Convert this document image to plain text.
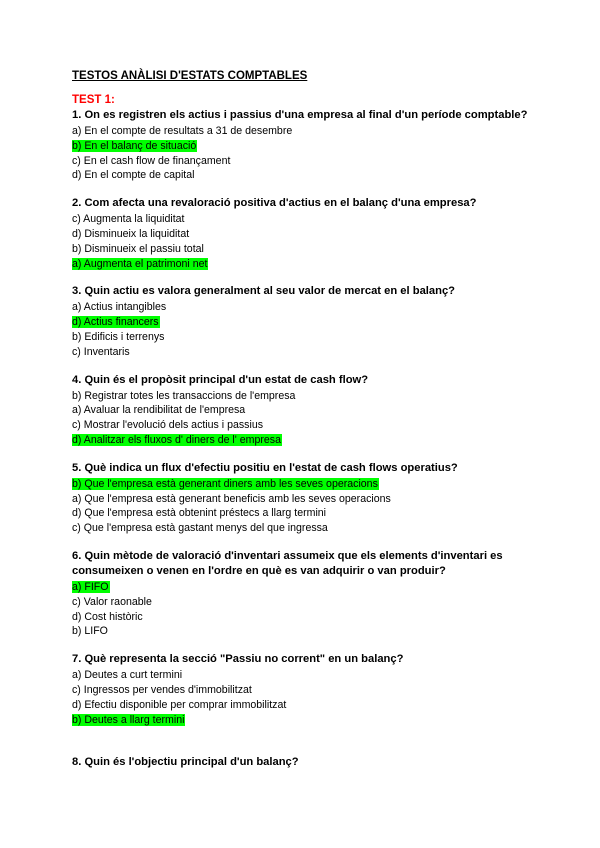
TESTOS ANÀLISI D'ESTATS COMPTABLES
TEST 1:
1. On es registren els actius i passius d'una empresa al final d'un període comptable?
a) En el compte de resultats a 31 de desembre
b) En el balanç de situació
c) En el cash flow de finançament
d) En el compte de capital
2. Com afecta una revaloració positiva d'actius en el balanç d'una empresa?
c) Augmenta la liquiditat
d) Disminueix la liquiditat
b) Disminueix el passiu total
a) Augmenta el patrimoni net
3. Quin actiu es valora generalment al seu valor de mercat en el balanç?
a) Actius intangibles
d) Actius financers
b) Edificis i terrenys
c) Inventaris
4. Quin és el propòsit principal d'un estat de cash flow?
b) Registrar totes les transaccions de l'empresa
a) Avaluar la rendibilitat de l'empresa
c) Mostrar l'evolució dels actius i passius
d) Analitzar els fluxos d' diners de l' empresa
5. Què indica un flux d'efectiu positiu en l'estat de cash flows operatius?
b) Que l'empresa està generant diners amb les seves operacions
a) Que l'empresa està generant beneficis amb les seves operacions
d) Que l'empresa està obtenint préstecs a llarg termini
c) Que l'empresa està gastant menys del que ingressa
6. Quin mètode de valoració d'inventari assumeix que els elements d'inventari es consumeixen o venen en l'ordre en què es van adquirir o van produir?
a) FIFO
c) Valor raonable
d) Cost històric
b) LIFO
7. Què representa la secció "Passiu no corrent" en un balanç?
a) Deutes a curt termini
c) Ingressos per vendes d'immobilitzat
d) Efectiu disponible per comprar immobilitzat
b) Deutes a llarg termini
8. Quin és l'objectiu principal d'un balanç?
